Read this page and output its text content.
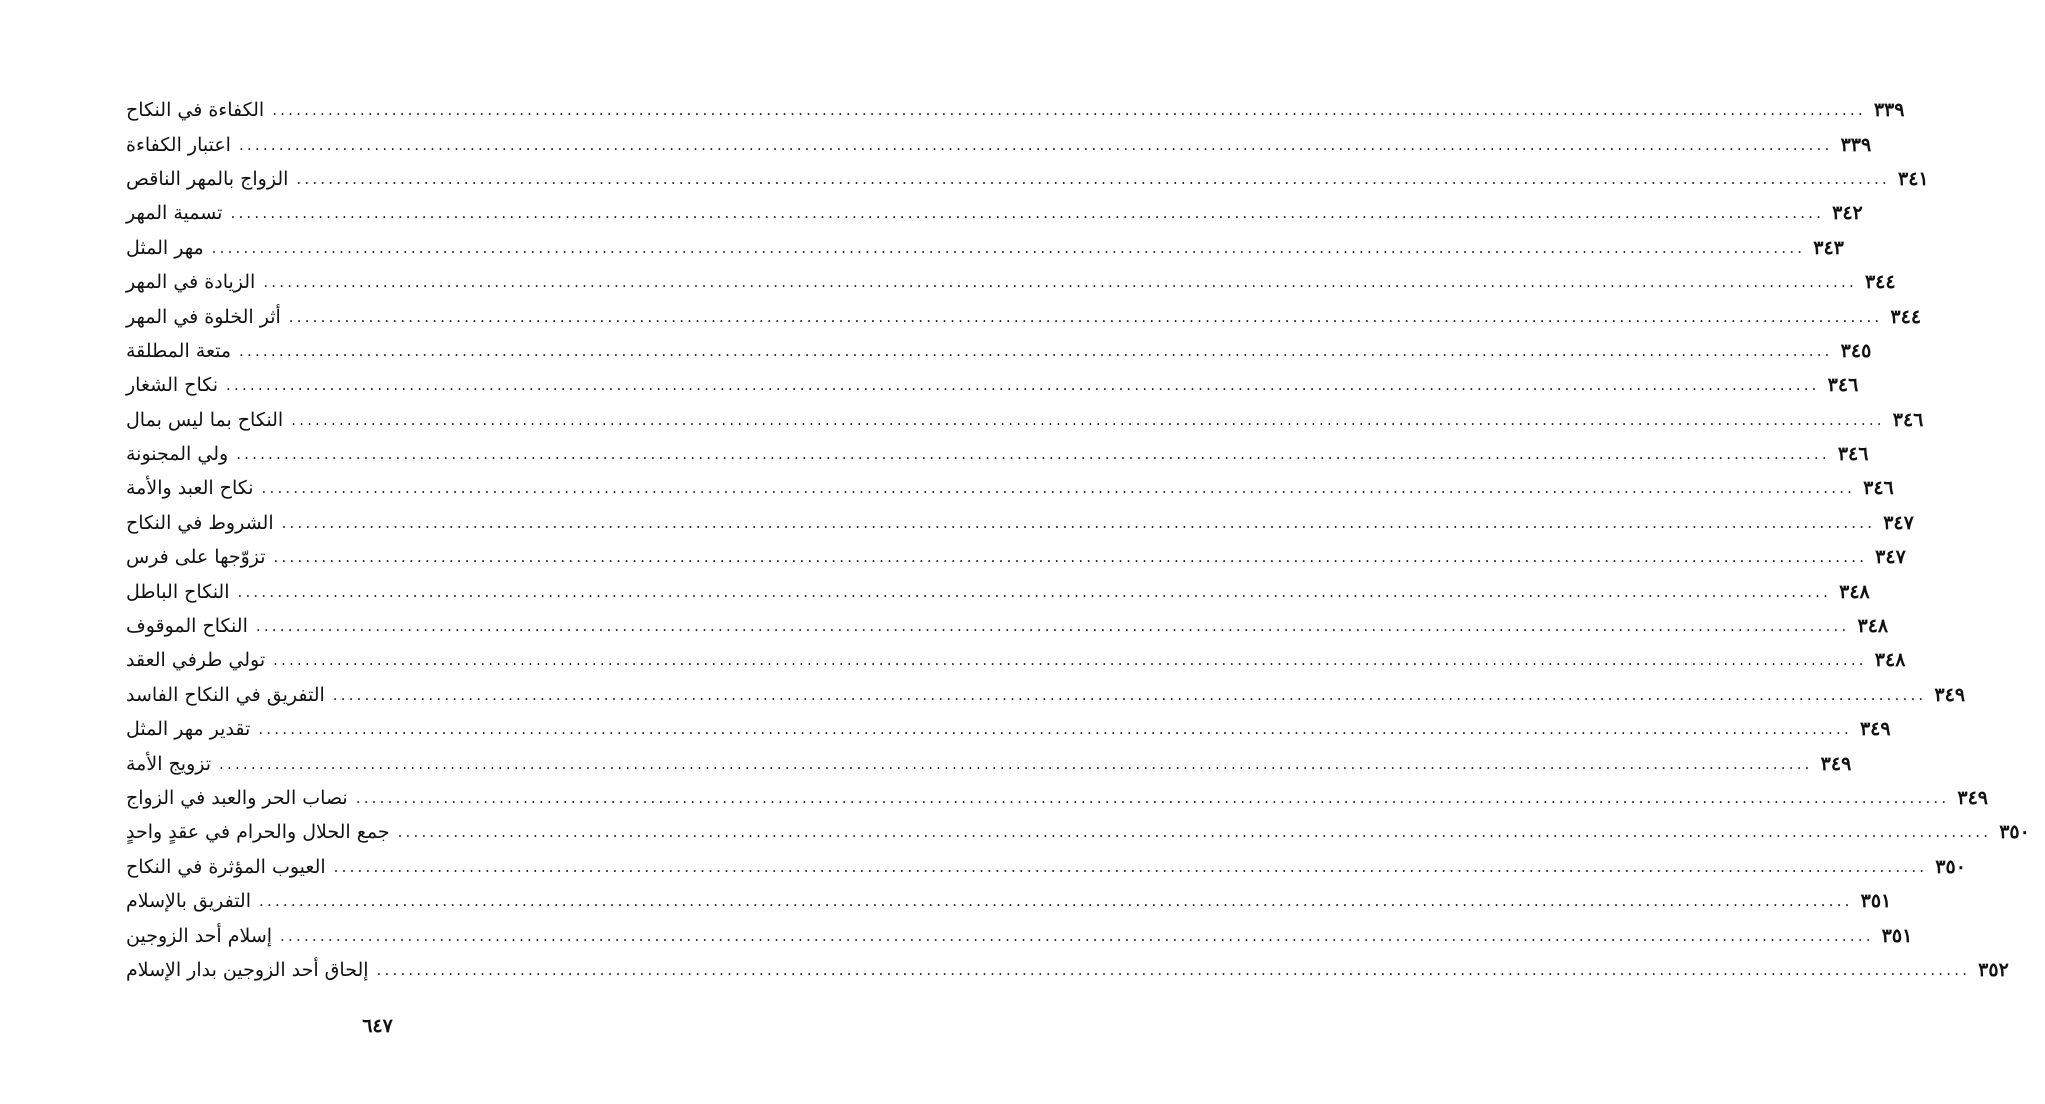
الكفاءة في النكاح ........................................................................................................................................................................................................ ٣٣٩
اعتبار الكفاءة ........................................................................................................................................................................................................ ٣٣٩
الزواج بالمهر الناقص ........................................................................................................................................................................................................ ٣٤١
تسمية المهر ........................................................................................................................................................................................................ ٣٤٢
مهر المثل ........................................................................................................................................................................................................ ٣٤٣
الزيادة في المهر ........................................................................................................................................................................................................ ٣٤٤
أثر الخلوة في المهر ........................................................................................................................................................................................................ ٣٤٤
متعة المطلقة ........................................................................................................................................................................................................ ٣٤٥
نكاح الشغار ........................................................................................................................................................................................................ ٣٤٦
النكاح بما ليس بمال ........................................................................................................................................................................................................ ٣٤٦
ولي المجنونة ........................................................................................................................................................................................................ ٣٤٦
نكاح العبد والأمة ........................................................................................................................................................................................................ ٣٤٦
الشروط في النكاح ........................................................................................................................................................................................................ ٣٤٧
تزوّجها على فرس ........................................................................................................................................................................................................ ٣٤٧
النكاح الباطل ........................................................................................................................................................................................................ ٣٤٨
النكاح الموقوف ........................................................................................................................................................................................................ ٣٤٨
تولي طرفي العقد ........................................................................................................................................................................................................ ٣٤٨
التفريق في النكاح الفاسد ........................................................................................................................................................................................................ ٣٤٩
تقدير مهر المثل ........................................................................................................................................................................................................ ٣٤٩
تزويج الأمة ........................................................................................................................................................................................................ ٣٤٩
نصاب الحر والعبد في الزواج ........................................................................................................................................................................................................ ٣٤٩
جمع الحلال والحرام في عقدٍ واحدٍ ........................................................................................................................................................................................................ ٣٥٠
العيوب المؤثرة في النكاح ........................................................................................................................................................................................................ ٣٥٠
التفريق بالإسلام ........................................................................................................................................................................................................ ٣٥١
إسلام أحد الزوجين ........................................................................................................................................................................................................ ٣٥١
إلحاق أحد الزوجين بدار الإسلام ........................................................................................................................................................................................................ ٣٥٢
٦٤٧
